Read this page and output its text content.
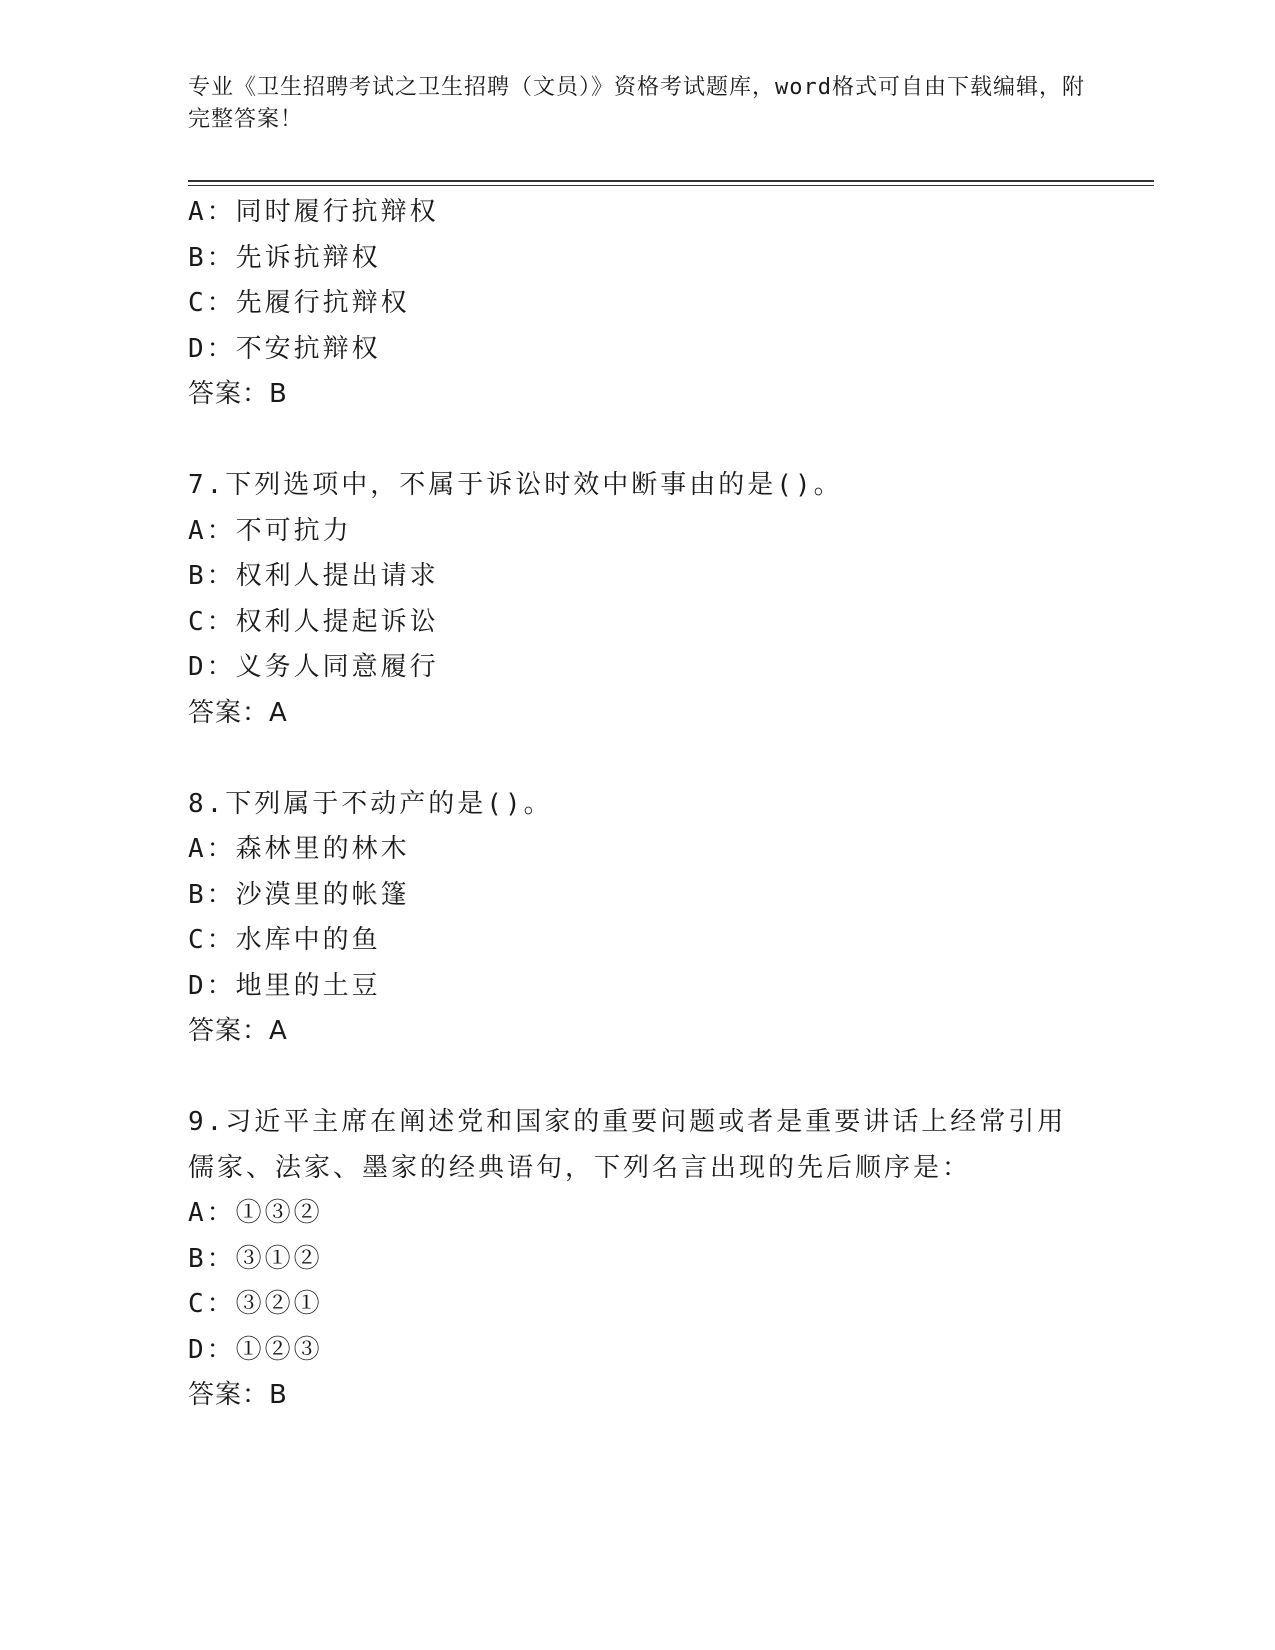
专业《卫生招聘考试之卫生招聘（文员）》资格考试题库，word格式可自由下载编辑，附完整答案！
A：同时履行抗辩权
B：先诉抗辩权
C：先履行抗辩权
D：不安抗辩权
答案：B
7.下列选项中，不属于诉讼时效中断事由的是()。
A：不可抗力
B：权利人提出请求
C：权利人提起诉讼
D：义务人同意履行
答案：A
8.下列属于不动产的是()。
A：森林里的林木
B：沙漠里的帐篷
C：水库中的鱼
D：地里的土豆
答案：A
9.习近平主席在阐述党和国家的重要问题或者是重要讲话上经常引用儒家、法家、墨家的经典语句，下列名言出现的先后顺序是：
A：①③②
B：③①②
C：③②①
D：①②③
答案：B
